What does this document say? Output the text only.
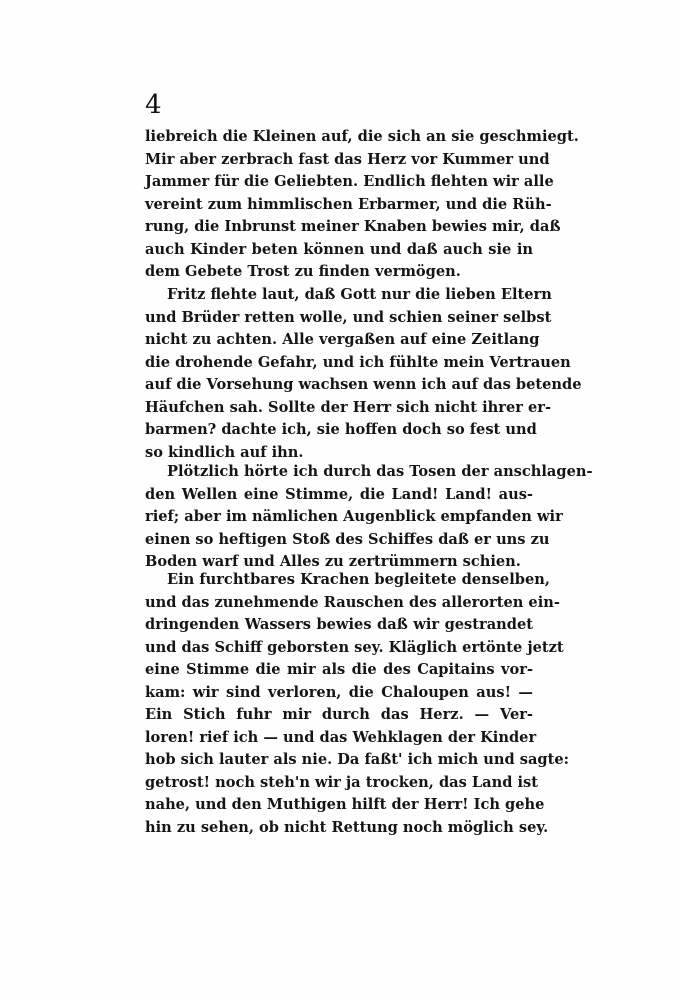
4
liebreich die Kleinen auf, die sich an sie geschmiegt.
Mir aber zerbrach fast das Herz vor Kummer und
Jammer für die Geliebten. Endlich flehten wir alle
vereint zum himmlischen Erbarmer, und die Rüh-
rung, die Inbrunst meiner Knaben bewies mir, daß
auch Kinder beten können und daß auch sie in
dem Gebete Trost zu finden vermögen.
Fritz flehte laut, daß Gott nur die lieben Eltern
und Brüder retten wolle, und schien seiner selbst
nicht zu achten. Alle vergaßen auf eine Zeitlang
die drohende Gefahr, und ich fühlte mein Vertrauen
auf die Vorsehung wachsen wenn ich auf das betende
Häufchen sah. Sollte der Herr sich nicht ihrer er-
barmen? dachte ich, sie hoffen doch so fest und
so kindlich auf ihn.
Plötzlich hörte ich durch das Tosen der anschlagen-
den Wellen eine Stimme, die Land! Land! aus-
rief; aber im nämlichen Augenblick empfanden wir
einen so heftigen Stoß des Schiffes daß er uns zu
Boden warf und Alles zu zertrümmern schien.
Ein furchtbares Krachen begleitete denselben,
und das zunehmende Rauschen des allerorten ein-
dringenden Wassers bewies daß wir gestrandet
und das Schiff geborsten sey. Kläglich ertönte jetzt
eine Stimme die mir als die des Capitains vor-
kam: wir sind verloren, die Chaloupen aus! —
Ein Stich fuhr mir durch das Herz. — Ver-
loren! rief ich — und das Wehklagen der Kinder
hob sich lauter als nie. Da faßt' ich mich und sagte:
getrost! noch steh'n wir ja trocken, das Land ist
nahe, und den Muthigen hilft der Herr! Ich gehe
hin zu sehen, ob nicht Rettung noch möglich sey.
